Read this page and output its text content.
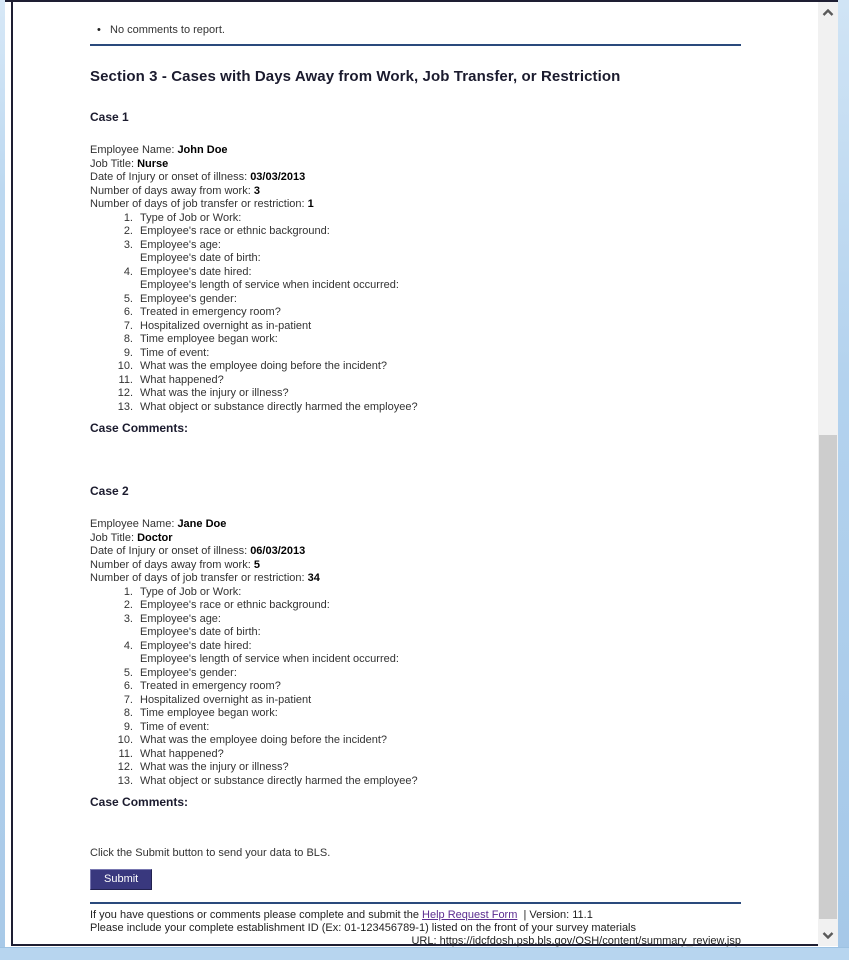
• No comments to report.
Section 3 - Cases with Days Away from Work, Job Transfer, or Restriction
Case 1
Employee Name: John Doe
Job Title: Nurse
Date of Injury or onset of illness: 03/03/2013
Number of days away from work: 3
Number of days of job transfer or restriction: 1
1. Type of Job or Work:
2. Employee's race or ethnic background:
3. Employee's age:
Employee's date of birth:
4. Employee's date hired:
Employee's length of service when incident occurred:
5. Employee's gender:
6. Treated in emergency room?
7. Hospitalized overnight as in-patient
8. Time employee began work:
9. Time of event:
10. What was the employee doing before the incident?
11. What happened?
12. What was the injury or illness?
13. What object or substance directly harmed the employee?
Case Comments:
Case 2
Employee Name: Jane Doe
Job Title: Doctor
Date of Injury or onset of illness: 06/03/2013
Number of days away from work: 5
Number of days of job transfer or restriction: 34
1. Type of Job or Work:
2. Employee's race or ethnic background:
3. Employee's age:
Employee's date of birth:
4. Employee's date hired:
Employee's length of service when incident occurred:
5. Employee's gender:
6. Treated in emergency room?
7. Hospitalized overnight as in-patient
8. Time employee began work:
9. Time of event:
10. What was the employee doing before the incident?
11. What happened?
12. What was the injury or illness?
13. What object or substance directly harmed the employee?
Case Comments:
Click the Submit button to send your data to BLS.
Submit
If you have questions or comments please complete and submit the Help Request Form  | Version: 11.1
Please include your complete establishment ID (Ex: 01-123456789-1) listed on the front of your survey materials
URL: https://idcfdosh.psb.bls.gov/OSH/content/summary_review.jsp
